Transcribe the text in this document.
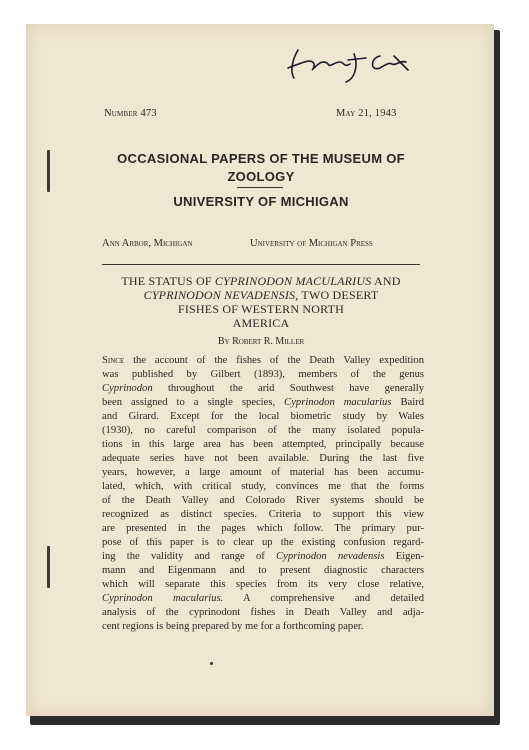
Number 473	May 21, 1943
OCCASIONAL PAPERS OF THE MUSEUM OF
ZOOLOGY
UNIVERSITY OF MICHIGAN
Ann Arbor, Michigan	University of Michigan Press
THE STATUS OF CYPRINODON MACULARIUS AND
CYPRINODON NEVADENSIS, TWO DESERT
FISHES OF WESTERN NORTH
AMERICA
By Robert R. Miller
Since the account of the fishes of the Death Valley expedition
was published by Gilbert (1893), members of the genus
Cyprinodon throughout the arid Southwest have generally
been assigned to a single species, Cyprinodon macularius Baird
and Girard. Except for the local biometric study by Wales
(1930), no careful comparison of the many isolated popula-
tions in this large area has been attempted, principally because
adequate series have not been available. During the last five
years, however, a large amount of material has been accumu-
lated, which, with critical study, convinces me that the forms
of the Death Valley and Colorado River systems should be
recognized as distinct species. Criteria to support this view
are presented in the pages which follow. The primary pur-
pose of this paper is to clear up the existing confusion regard-
ing the validity and range of Cyprinodon nevadensis Eigen-
mann and Eigenmann and to present diagnostic characters
which will separate this species from its very close relative,
Cyprinodon macularius. A comprehensive and detailed
analysis of the cyprinodont fishes in Death Valley and adja-
cent regions is being prepared by me for a forthcoming paper.
